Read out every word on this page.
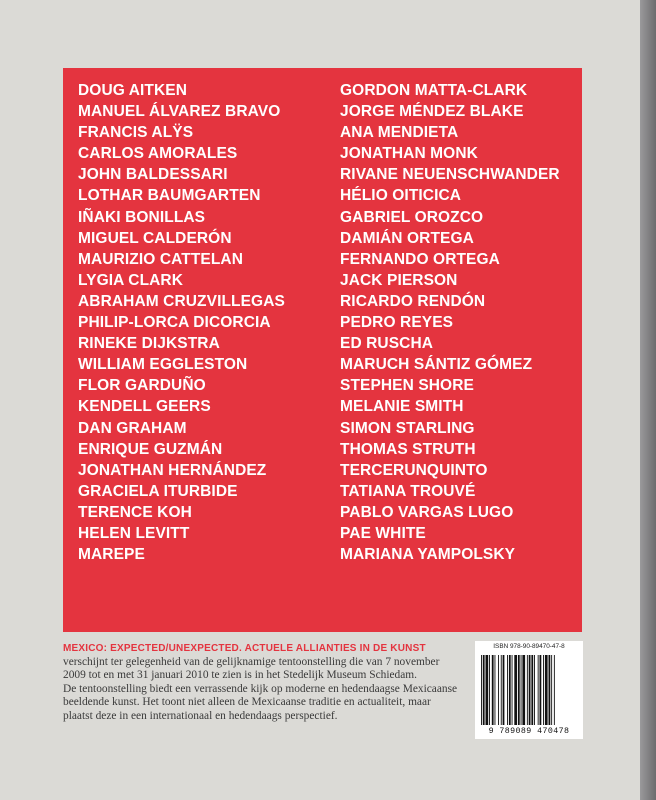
DOUG AITKEN
MANUEL ÁLVAREZ BRAVO
FRANCIS ALŸS
CARLOS AMORALES
JOHN BALDESSARI
LOTHAR BAUMGARTEN
IÑAKI BONILLAS
MIGUEL CALDERÓN
MAURIZIO CATTELAN
LYGIA CLARK
ABRAHAM CRUZVILLEGAS
PHILIP-LORCA DICORCIA
RINEKE DIJKSTRA
WILLIAM EGGLESTON
FLOR GARDUÑO
KENDELL GEERS
DAN GRAHAM
ENRIQUE GUZMÁN
JONATHAN HERNÁNDEZ
GRACIELA ITURBIDE
TERENCE KOH
HELEN LEVITT
MAREPE
GORDON MATTA-CLARK
JORGE MÉNDEZ BLAKE
ANA MENDIETA
JONATHAN MONK
RIVANE NEUENSCHWANDER
HÉLIO OITICICA
GABRIEL OROZCO
DAMIÁN ORTEGA
FERNANDO ORTEGA
JACK PIERSON
RICARDO RENDÓN
PEDRO REYES
ED RUSCHA
MARUCH SÁNTIZ GÓMEZ
STEPHEN SHORE
MELANIE SMITH
SIMON STARLING
THOMAS STRUTH
TERCERUNQUINTO
TATIANA TROUVÉ
PABLO VARGAS LUGO
PAE WHITE
MARIANA YAMPOLSKY

MEXICO: EXPECTED/UNEXPECTED. ACTUELE ALLIANTIES IN DE KUNST verschijnt ter gelegenheid van de gelijknamige tentoonstelling die van 7 november 2009 tot en met 31 januari 2010 te zien is in het Stedelijk Museum Schiedam.

De tentoonstelling biedt een verrassende kijk op moderne en hedendaagse Mexicaanse beeldende kunst. Het toont niet alleen de Mexicaanse traditie en actualiteit, maar plaatst deze in een internationaal en hedendaags perspectief.

ISBN 978-90-89470-47-8
9 789089 470478
